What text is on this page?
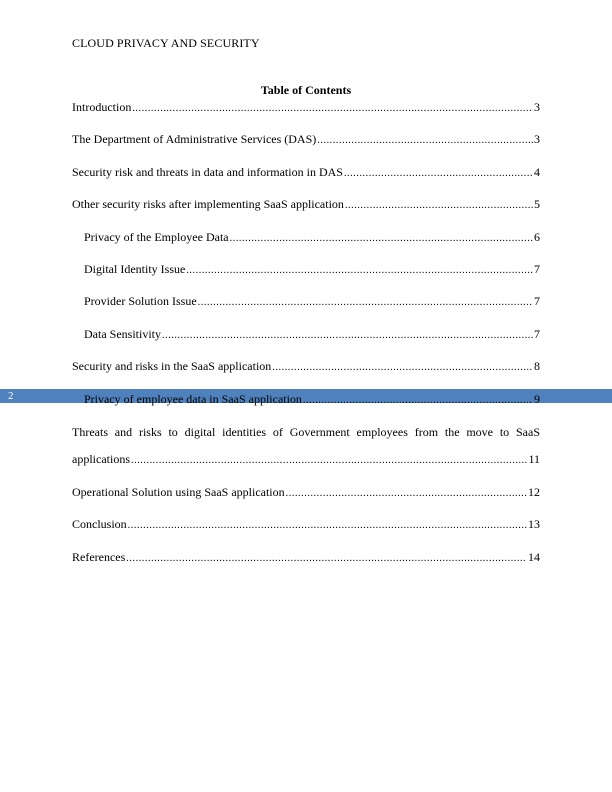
CLOUD PRIVACY AND SECURITY
Table of Contents
Introduction .....	3
The Department of Administrative Services (DAS) .....	3
Security risk and threats in data and information in DAS .....	4
Other security risks after implementing SaaS application .....	5
Privacy of the Employee Data .....	6
Digital Identity Issue .....	7
Provider Solution Issue .....	7
Data Sensitivity .....	7
Security and risks in the SaaS application .....	8
2	Privacy of employee data in SaaS application .....	9
Threats and risks to digital identities of Government employees from the move to SaaS
applications .....	11
Operational Solution using SaaS application .....	12
Conclusion .....	13
References .....	14
